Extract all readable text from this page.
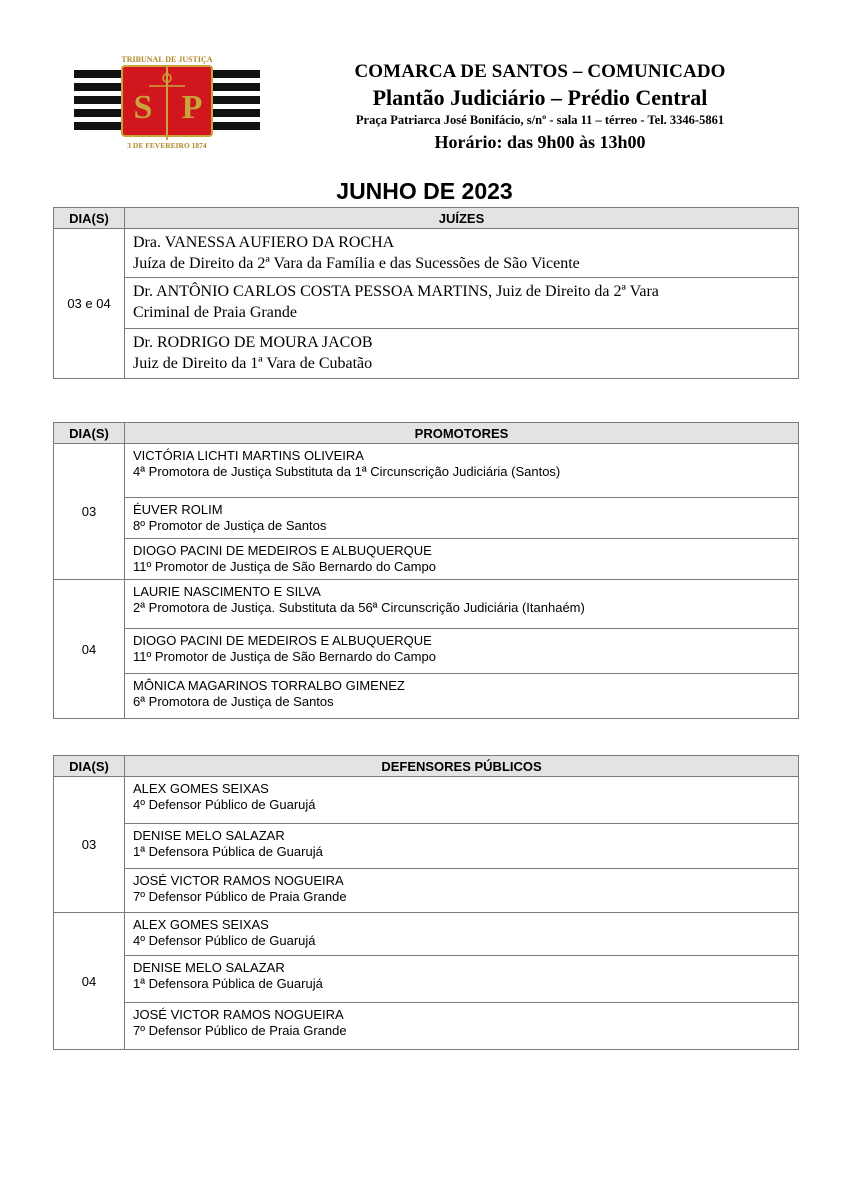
TRIBUNAL DE JUSTIÇA
S P
3 DE FEVEREIRO 1874
COMARCA DE SANTOS – COMUNICADO
Plantão Judiciário – Prédio Central
Praça Patriarca José Bonifácio, s/nº - sala 11 – térreo - Tel. 3346-5861
Horário: das 9h00 às 13h00
JUNHO DE 2023
DIA(S)	JUÍZES
03 e 04	Dra. VANESSA AUFIERO DA ROCHA
Juíza de Direito da 2ª Vara da Família e das Sucessões de São Vicente

	Dr. ANTÔNIO CARLOS COSTA PESSOA MARTINS, Juiz de Direito da 2ª Vara
Criminal de Praia Grande

	Dr. RODRIGO DE MOURA JACOB
Juiz de Direito da 1ª Vara de Cubatão
DIA(S)	PROMOTORES
03	VICTÓRIA LICHTI MARTINS OLIVEIRA
4ª Promotora de Justiça Substituta da 1ª Circunscrição Judiciária (Santos)

	ÉUVER ROLIM
8º Promotor de Justiça de Santos

	DIOGO PACINI DE MEDEIROS E ALBUQUERQUE
11º Promotor de Justiça de São Bernardo do Campo

04	LAURIE NASCIMENTO E SILVA
2ª Promotora de Justiça. Substituta da 56ª Circunscrição Judiciária (Itanhaém)

	DIOGO PACINI DE MEDEIROS E ALBUQUERQUE
11º Promotor de Justiça de São Bernardo do Campo

	MÔNICA MAGARINOS TORRALBO GIMENEZ
6ª Promotora de Justiça de Santos
DIA(S)	DEFENSORES PÚBLICOS
03	ALEX GOMES SEIXAS
4º Defensor Público de Guarujá

	DENISE MELO SALAZAR
1ª Defensora Pública de Guarujá

	JOSÉ VICTOR RAMOS NOGUEIRA
7º Defensor Público de Praia Grande

04	ALEX GOMES SEIXAS
4º Defensor Público de Guarujá

	DENISE MELO SALAZAR
1ª Defensora Pública de Guarujá

	JOSÉ VICTOR RAMOS NOGUEIRA
7º Defensor Público de Praia Grande
